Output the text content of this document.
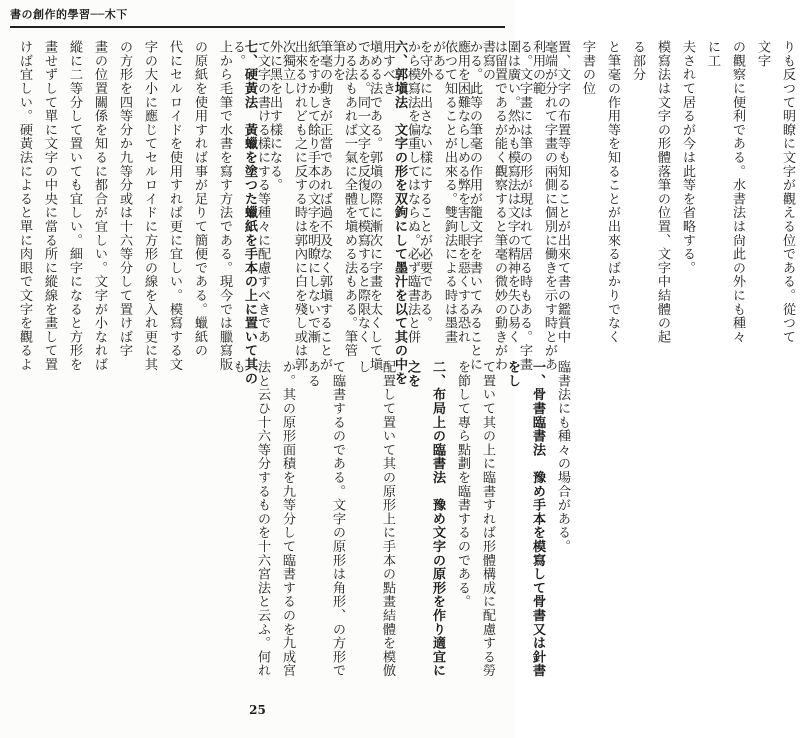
書の創作的學習──木下
りも反つて明瞭に文字が觀える位である。從つて文字
の觀察に便利である。水書法は尙此の外にも種々に工
夫されて居るが今は此等を省略する。
模寫法は文字の形體落筆の位置、文字中結體の起る部分
と筆毫の作用等を知ることが出來るばかりでなく字書の位
置、文字の布置等も知ることが出來て書の鑑賞中利用の範
圍は廣い。然かも模寫法は文字の精神を失ひ易く書寫の
應用を困難ならしめる弊を害し眼を惡くする恐れがある
から模寫法を偏重してはならぬ。必ず臨書法と併用すべき
である。同一文字を反復して模寫すると際限なく筆力を
紙をすかして餘り手本の文字を明瞭にしないで漸次獨立し
て文字の書ける樣にする等種々に配慮すべきである。	毫端が分れて字畫の兩側に個別に働きを示す時とがあ
る。文字畫には筆の形が現はれて居る時もある。字畫
は留置であるが能く觀察すると筆毫の微妙の動きがわ
かる。此等の筆毫の作用が籠文字を書いてみることに
依つて知ることが出來る。雙鉤法による時は墨畫
を守外に出さない樣にすることが必要である。
六、郭塡法　文字の形を双鉤にして墨汁を以て其の中を
塡める法である。郭塡の際に漸次に字畫を太くして塡
める法もあれば一氣に全體を塡める法もある。筆管
筆毫の動きが正當であれば過不及なく郭塡することが
出來るけれども之に反する時は郭內に白を殘し或は郭
外に黑を出す樣になる。
七、硬黃法　黃蠟を塗つた蠟紙を手本の上に置いて其の
上から毛筆で水書を寫す方法である。現今では臘寫版
の原紙を使用すれば事が足りて簡便である。蠟紙の
代にセルロイドを使用すれば更に宜しい。模寫する文
字の大小に應じてセルロイドに方形の線を入れ更に其
の方形を四等分か九等分或は十六等分して置けば字
畫の位置關係を知るに都合が宜しい。文字が小なれば
縱に二等分して置いても宜しい。細字になると方形を
畫せずして單に文字の中央に當る所に縱線を畫して置
けば宜しい。硬黃法によると單に肉眼で文字を觀るよ
臨書法にも種々の場合がある。
一、骨書臨書法　豫め手本を模寫して骨書又は針書をし
て置いて其の上に臨書すれば形體構成に配慮する勞
を節して專ら點劃を臨書するのである。
二、布局上の臨書法　豫め文字の原形を作り適宜に之を
配置して置いて其の原形上に手本の點畫結體を模倣し
て臨書するのである。文字の原形は角形、の方形である
か。其の原形面積を九等分して臨書するのを九成宮
法と云ひ十六等分するものを十六宮法と云ふ。何れも
25
